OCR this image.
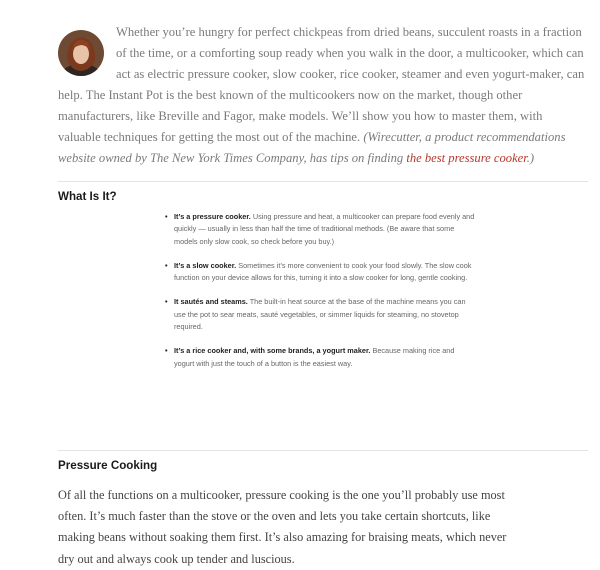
Whether you’re hungry for perfect chickpeas from dried beans, succulent roasts in a fraction of the time, or a comforting soup ready when you walk in the door, a multicooker, which can act as electric pressure cooker, slow cooker, rice cooker, steamer and even yogurt-maker, can help. The Instant Pot is the best known of the multicookers now on the market, though other manufacturers, like Breville and Fagor, make models. We’ll show you how to master them, with valuable techniques for getting the most out of the machine. (Wirecutter, a product recommendations website owned by The New York Times Company, has tips on finding the best pressure cooker.)

What Is It?
• It’s a pressure cooker. Using pressure and heat, a multicooker can prepare food evenly and quickly — usually in less than half the time of traditional methods. (Be aware that some models only slow cook, so check before you buy.)
• It’s a slow cooker. Sometimes it’s more convenient to cook your food slowly. The slow cook function on your device allows for this, turning it into a slow cooker for long, gentle cooking.
• It sautés and steams. The built-in heat source at the base of the machine means you can use the pot to sear meats, sauté vegetables, or simmer liquids for steaming, no stovetop required.
• It’s a rice cooker and, with some brands, a yogurt maker. Because making rice and yogurt with just the touch of a button is the easiest way.
Pressure Cooking

Of all the functions on a multicooker, pressure cooking is the one you’ll probably use most often. It’s much faster than the stove or the oven and lets you take certain shortcuts, like making beans without soaking them first. It’s also amazing for braising meats, which never dry out and always cook up tender and luscious.
